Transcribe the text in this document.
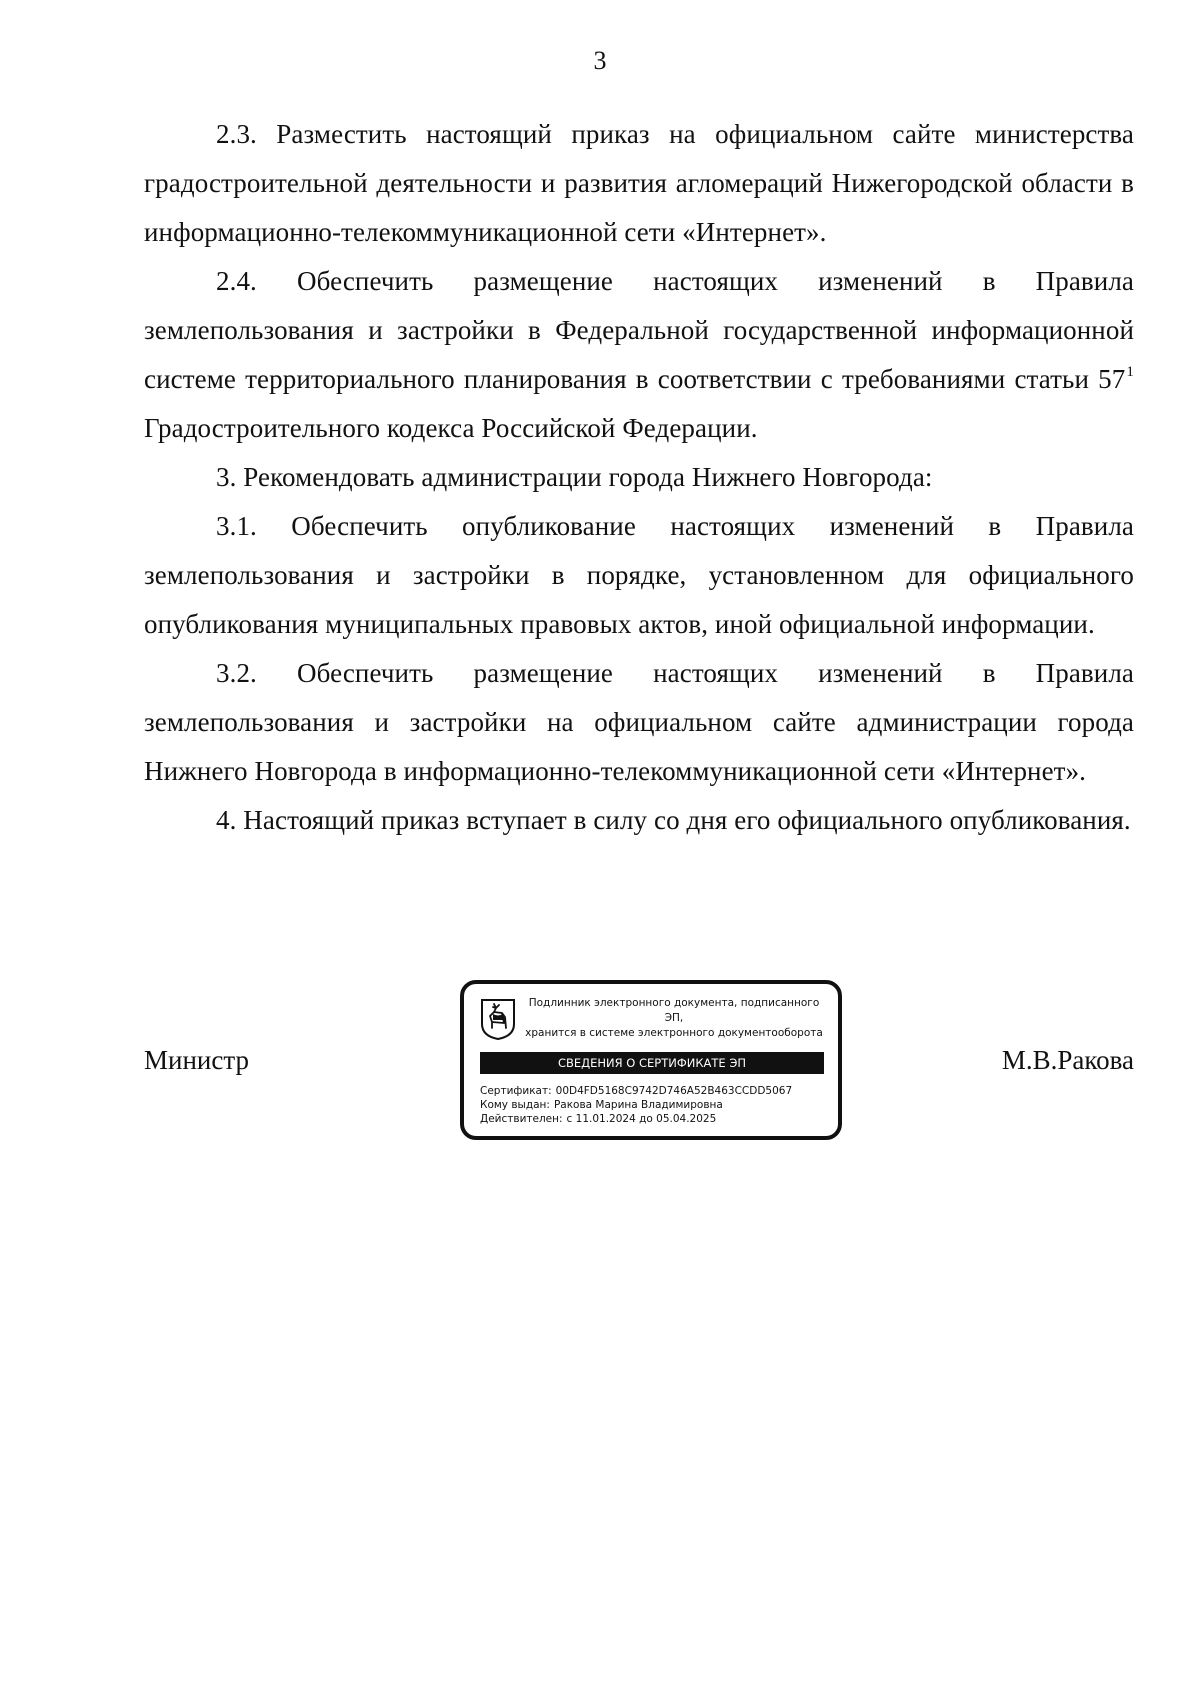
3

2.3. Разместить настоящий приказ на официальном сайте министерства градостроительной деятельности и развития агломераций Нижегородской области в информационно-телекоммуникационной сети «Интернет».

2.4. Обеспечить размещение настоящих изменений в Правила землепользования и застройки в Федеральной государственной информационной системе территориального планирования в соответствии с требованиями статьи $57^1$ Градостроительного кодекса Российской Федерации.

3. Рекомендовать администрации города Нижнего Новгорода:

3.1. Обеспечить опубликование настоящих изменений в Правила землепользования и застройки в порядке, установленном для официального опубликования муниципальных правовых актов, иной официальной информации.

3.2. Обеспечить размещение настоящих изменений в Правила землепользования и застройки на официальном сайте администрации города Нижнего Новгорода в информационно-телекоммуникационной сети «Интернет».

4. Настоящий приказ вступает в силу со дня его официального опубликования.

Министр	М.В.Ракова
Подлинник электронного документа, подписанного ЭП,
хранится в системе электронного документооборота
СВЕДЕНИЯ О СЕРТИФИКАТЕ ЭП
Сертификат: 00D4FD5168C9742D746A52B463CCDD5067
Кому выдан: Ракова Марина Владимировна
Действителен: с 11.01.2024 до 05.04.2025
